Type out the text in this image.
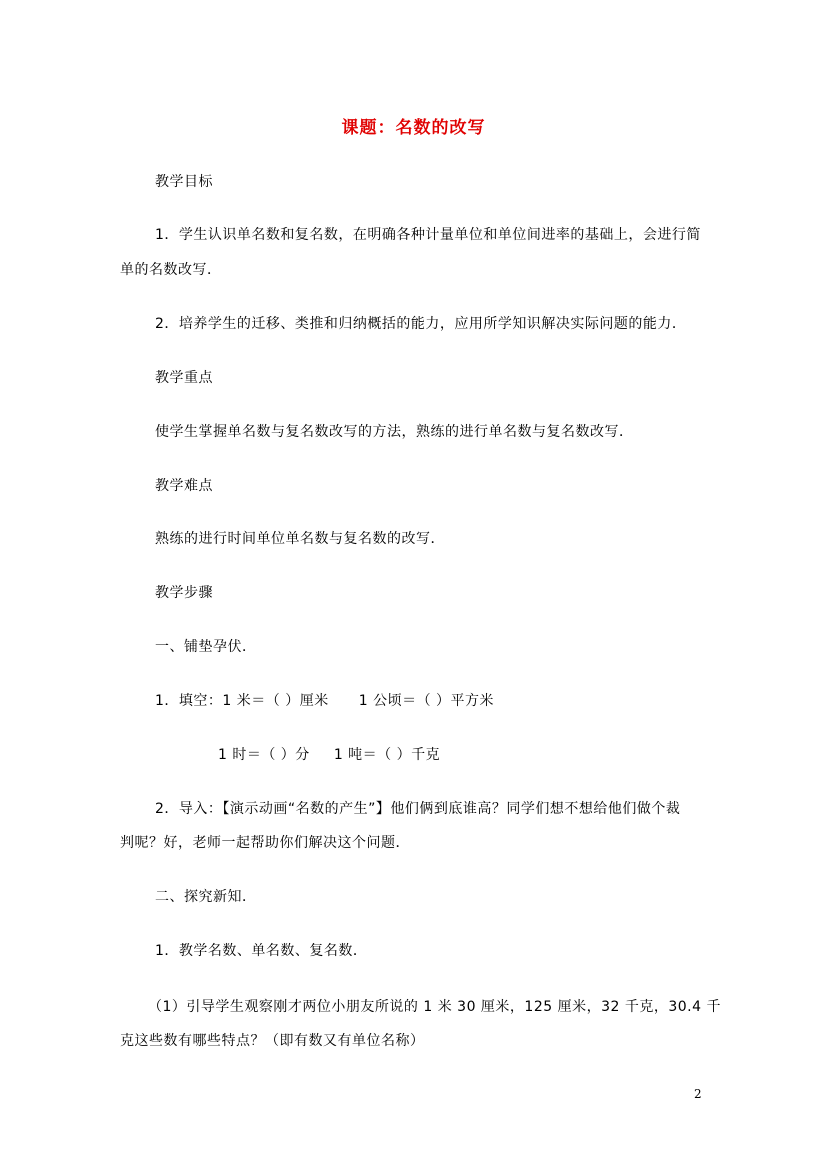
课题：名数的改写
教学目标
1．学生认识单名数和复名数，在明确各种计量单位和单位间进率的基础上，会进行简
单的名数改写．
2．培养学生的迁移、类推和归纳概括的能力，应用所学知识解决实际问题的能力．
教学重点
使学生掌握单名数与复名数改写的方法，熟练的进行单名数与复名数改写．
教学难点
熟练的进行时间单位单名数与复名数的改写．
教学步骤
一、铺垫孕伏．
1．填空：1 米＝（ ）厘米 1 公顷＝（ ）平方米
1 时＝（ ）分 1 吨＝（ ）千克
2．导入：【演示动画“名数的产生”】他们俩到底谁高？同学们想不想给他们做个裁
判呢？好，老师一起帮助你们解决这个问题．
二、探究新知．
1．教学名数、单名数、复名数．
（1）引导学生观察刚才两位小朋友所说的 1 米 30 厘米，125 厘米，32 千克，30.4 千
克这些数有哪些特点？（即有数又有单位名称）
2
